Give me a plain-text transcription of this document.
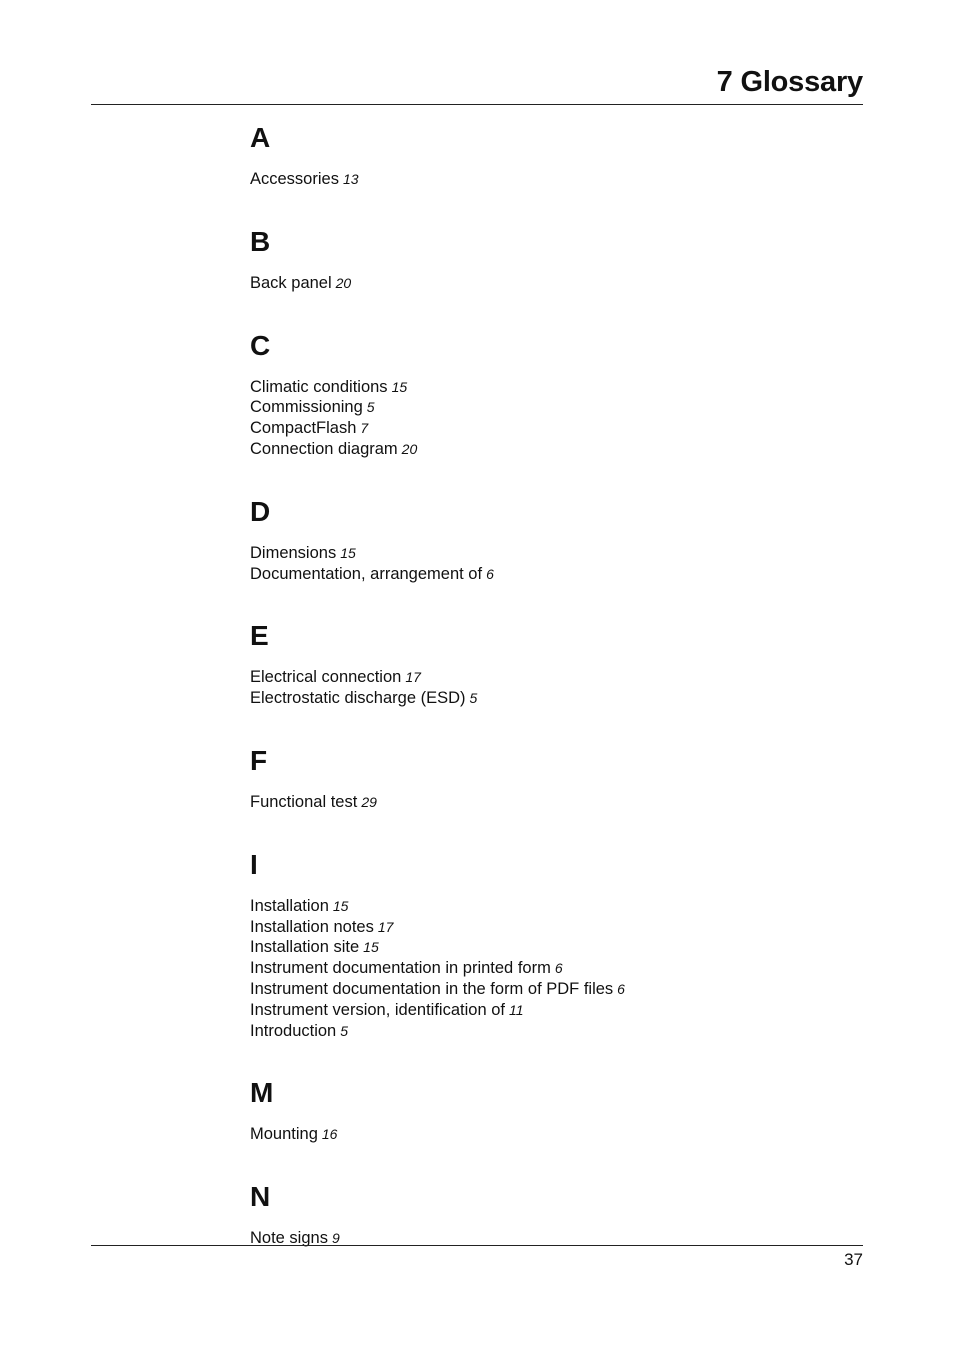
7 Glossary
A
Accessories 13
B
Back panel 20
C
Climatic conditions 15
Commissioning 5
CompactFlash 7
Connection diagram 20
D
Dimensions 15
Documentation, arrangement of 6
E
Electrical connection 17
Electrostatic discharge (ESD) 5
F
Functional test 29
I
Installation 15
Installation notes 17
Installation site 15
Instrument documentation in printed form 6
Instrument documentation in the form of PDF files 6
Instrument version, identification of 11
Introduction 5
M
Mounting 16
N
Note signs 9
37
